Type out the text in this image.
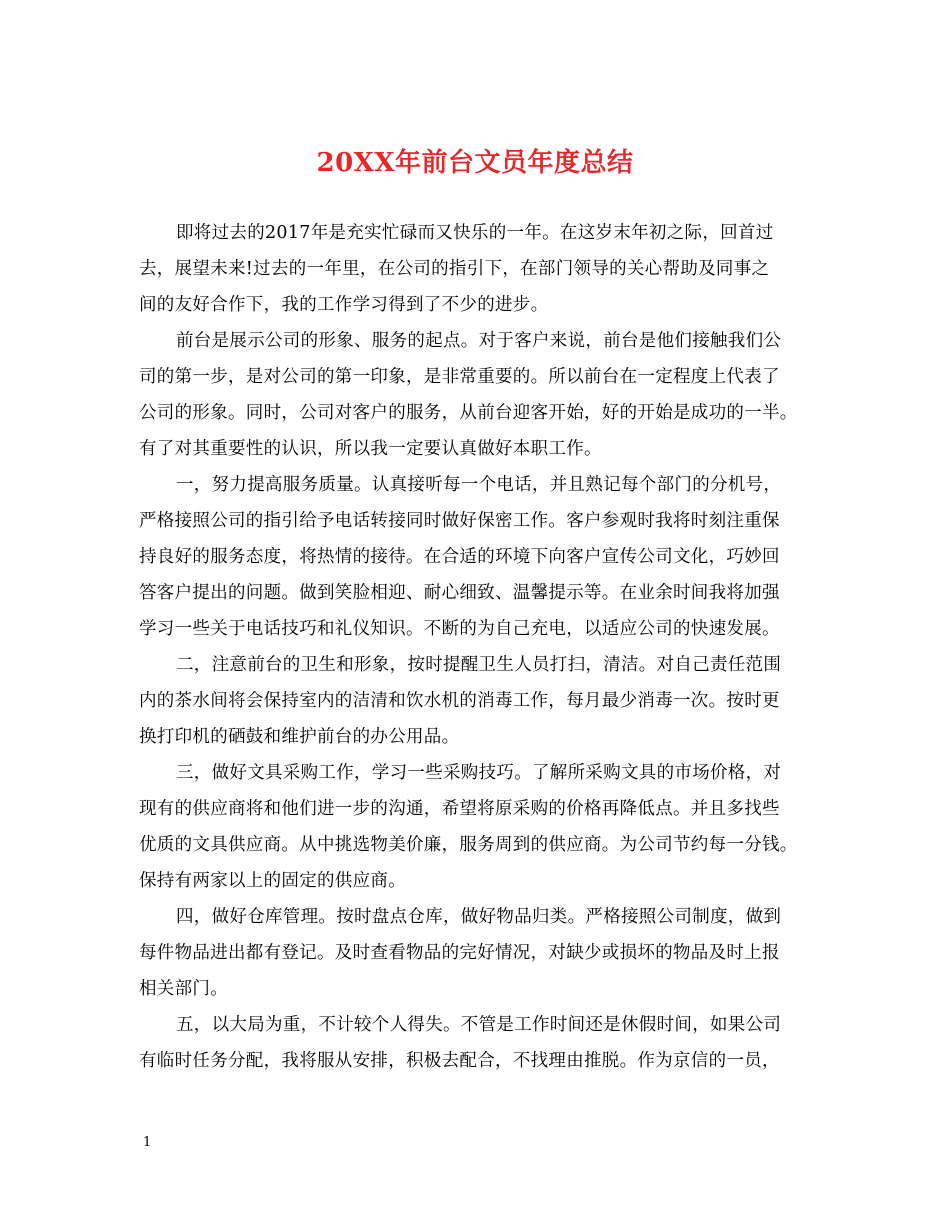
20XX年前台文员年度总结
即将过去的2017年是充实忙碌而又快乐的一年。在这岁末年初之际，回首过
去，展望未来!过去的一年里，在公司的指引下，在部门领导的关心帮助及同事之
间的友好合作下，我的工作学习得到了不少的进步。
前台是展示公司的形象、服务的起点。对于客户来说，前台是他们接触我们公
司的第一步，是对公司的第一印象，是非常重要的。所以前台在一定程度上代表了
公司的形象。同时，公司对客户的服务，从前台迎客开始，好的开始是成功的一半。
有了对其重要性的认识，所以我一定要认真做好本职工作。
一，努力提高服务质量。认真接听每一个电话，并且熟记每个部门的分机号，
严格接照公司的指引给予电话转接同时做好保密工作。客户参观时我将时刻注重保
持良好的服务态度，将热情的接待。在合适的环境下向客户宣传公司文化，巧妙回
答客户提出的问题。做到笑脸相迎、耐心细致、温馨提示等。在业余时间我将加强
学习一些关于电话技巧和礼仪知识。不断的为自己充电，以适应公司的快速发展。
二，注意前台的卫生和形象，按时提醒卫生人员打扫，清洁。对自己责任范围
内的茶水间将会保持室内的洁清和饮水机的消毒工作，每月最少消毒一次。按时更
换打印机的硒鼓和维护前台的办公用品。
三，做好文具采购工作，学习一些采购技巧。了解所采购文具的市场价格，对
现有的供应商将和他们进一步的沟通，希望将原采购的价格再降低点。并且多找些
优质的文具供应商。从中挑选物美价廉，服务周到的供应商。为公司节约每一分钱。
保持有两家以上的固定的供应商。
四，做好仓库管理。按时盘点仓库，做好物品归类。严格接照公司制度，做到
每件物品进出都有登记。及时查看物品的完好情况，对缺少或损坏的物品及时上报
相关部门。
五，以大局为重，不计较个人得失。不管是工作时间还是休假时间，如果公司
有临时任务分配，我将服从安排，积极去配合，不找理由推脱。作为京信的一员，
1
